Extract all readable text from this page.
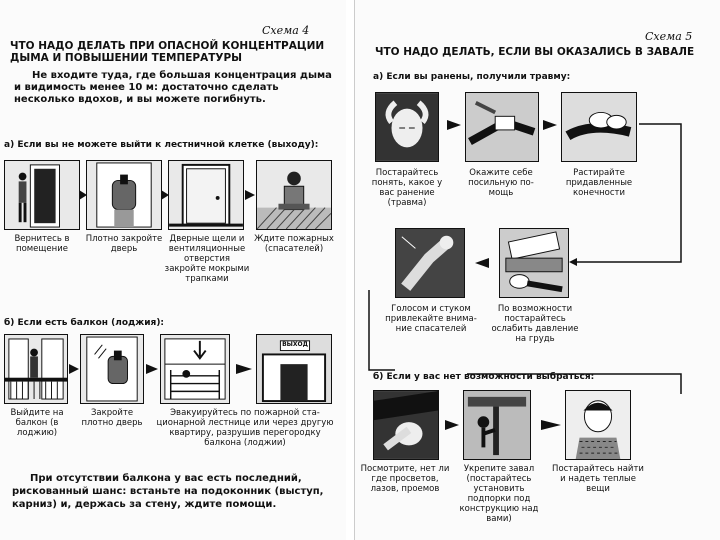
Схема 4
ЧТО НАДО ДЕЛАТЬ ПРИ ОПАСНОЙ КОНЦЕНТРАЦИИ ДЫМА И ПОВЫШЕНИИ ТЕМПЕРАТУРЫ
Не входите туда, где большая концентрация дыма и видимость менее 10 м: достаточно сделать несколько вдохов, и вы можете погибнуть.
а) Если вы не можете выйти к лестничной клетке (выходу):
Вернитесь в помещение
Плотно закройте дверь
Дверные щели и вентиляционные отверстия закройте мокрыми трапками
Ждите пожарных (спасателей)
б) Если есть балкон (лоджия):
ВЫХОД
Выйдите на балкон (в лоджию)
Закройте плотно дверь
Эвакуируйтесь по пожарной стационарной лестнице или через другую квартиру, разрушив перегородку балкона (лоджии)
При отсутствии балкона у вас есть последний, рискованный шанс: встаньте на подоконник (выступ, карниз) и, держась за стену, ждите помощи.
Схема 5
ЧТО НАДО ДЕЛАТЬ, ЕСЛИ ВЫ ОКАЗАЛИСЬ В ЗАВАЛЕ
а) Если вы ранены, получили травму:
Постарайтесь понять, какое у вас ранение (травма)
Окажите себе посильную помощь
Растирайте придавленные конечности
Голосом и стуком привлекайте внимание спасателей
По возможности постарайтесь ослабить давление на грудь
б) Если у вас нет возможности выбраться:
Посмотрите, нет ли где просветов, лазов, проемов
Укрепите завал (постарайтесь установить подпорки под конструкцию над вами)
Постарайтесь найти и надеть теплые вещи
